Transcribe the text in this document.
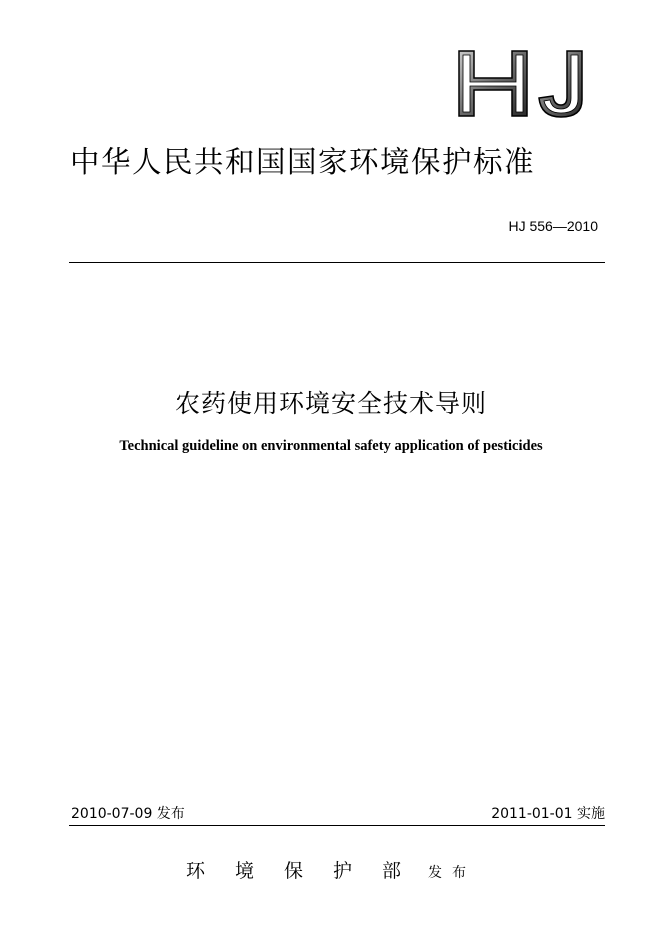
中华人民共和国国家环境保护标准
HJ 556—2010
农药使用环境安全技术导则
Technical guideline on environmental safety application of pesticides
2010-07-09 发布	2011-01-01 实施
环境保护部 发布
